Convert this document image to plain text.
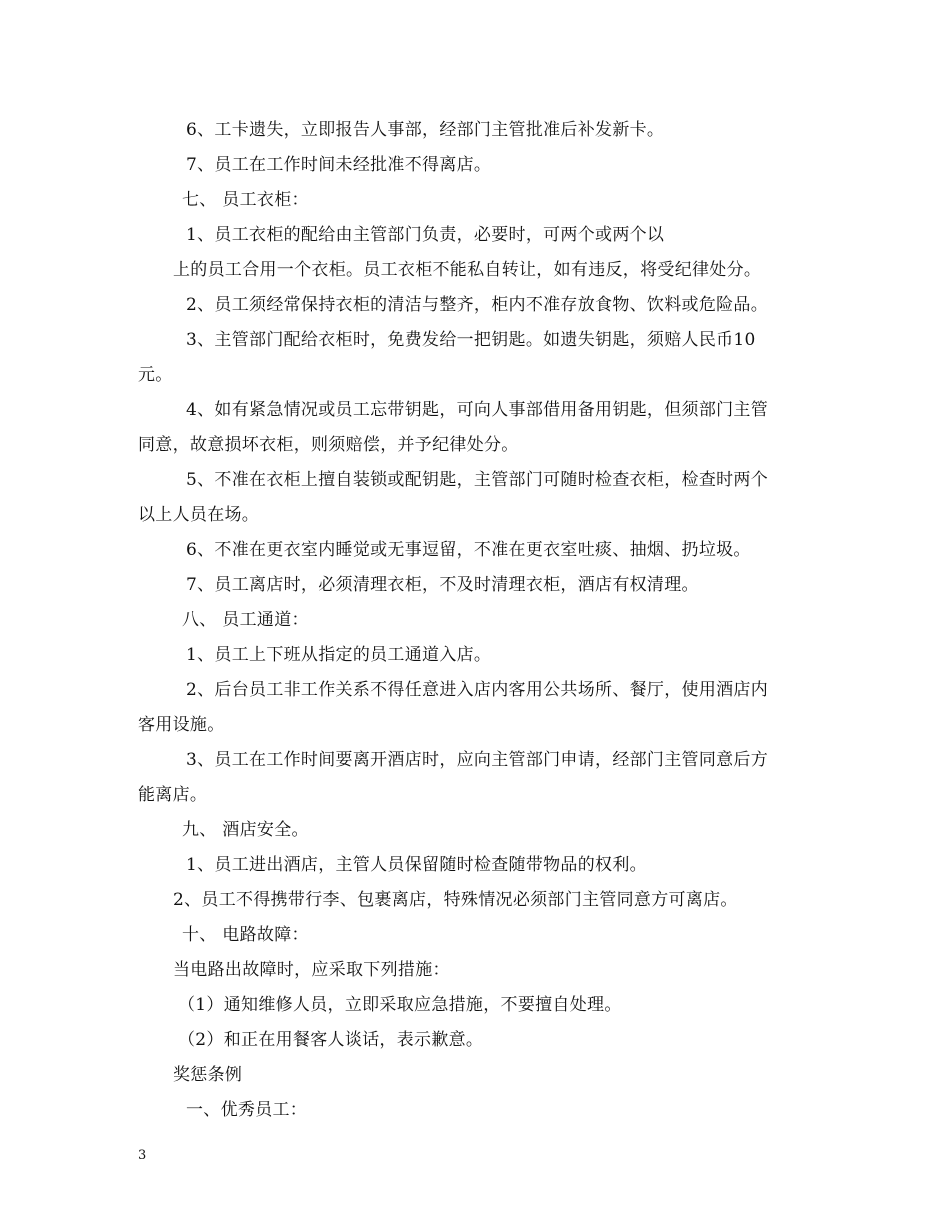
6、工卡遗失，立即报告人事部，经部门主管批准后补发新卡。
7、员工在工作时间未经批准不得离店。
七、 员工衣柜：
1、员工衣柜的配给由主管部门负责，必要时，可两个或两个以
上的员工合用一个衣柜。员工衣柜不能私自转让，如有违反，将受纪律处分。
2、员工须经常保持衣柜的清洁与整齐，柜内不准存放食物、饮料或危险品。
3、主管部门配给衣柜时，免费发给一把钥匙。如遗失钥匙，须赔人民币10
元。
4、如有紧急情况或员工忘带钥匙，可向人事部借用备用钥匙，但须部门主管
同意，故意损坏衣柜，则须赔偿，并予纪律处分。
5、不准在衣柜上擅自装锁或配钥匙，主管部门可随时检查衣柜，检查时两个
以上人员在场。
6、不准在更衣室内睡觉或无事逗留，不准在更衣室吐痰、抽烟、扔垃圾。
7、员工离店时，必须清理衣柜，不及时清理衣柜，酒店有权清理。
八、 员工通道：
1、员工上下班从指定的员工通道入店。
2、后台员工非工作关系不得任意进入店内客用公共场所、餐厅，使用酒店内
客用设施。
3、员工在工作时间要离开酒店时，应向主管部门申请，经部门主管同意后方
能离店。
九、 酒店安全。
1、员工进出酒店，主管人员保留随时检查随带物品的权利。
2、员工不得携带行李、包裹离店，特殊情况必须部门主管同意方可离店。
十、 电路故障：
当电路出故障时，应采取下列措施：
（1）通知维修人员，立即采取应急措施，不要擅自处理。
（2）和正在用餐客人谈话，表示歉意。
奖惩条例
一、优秀员工：
3
